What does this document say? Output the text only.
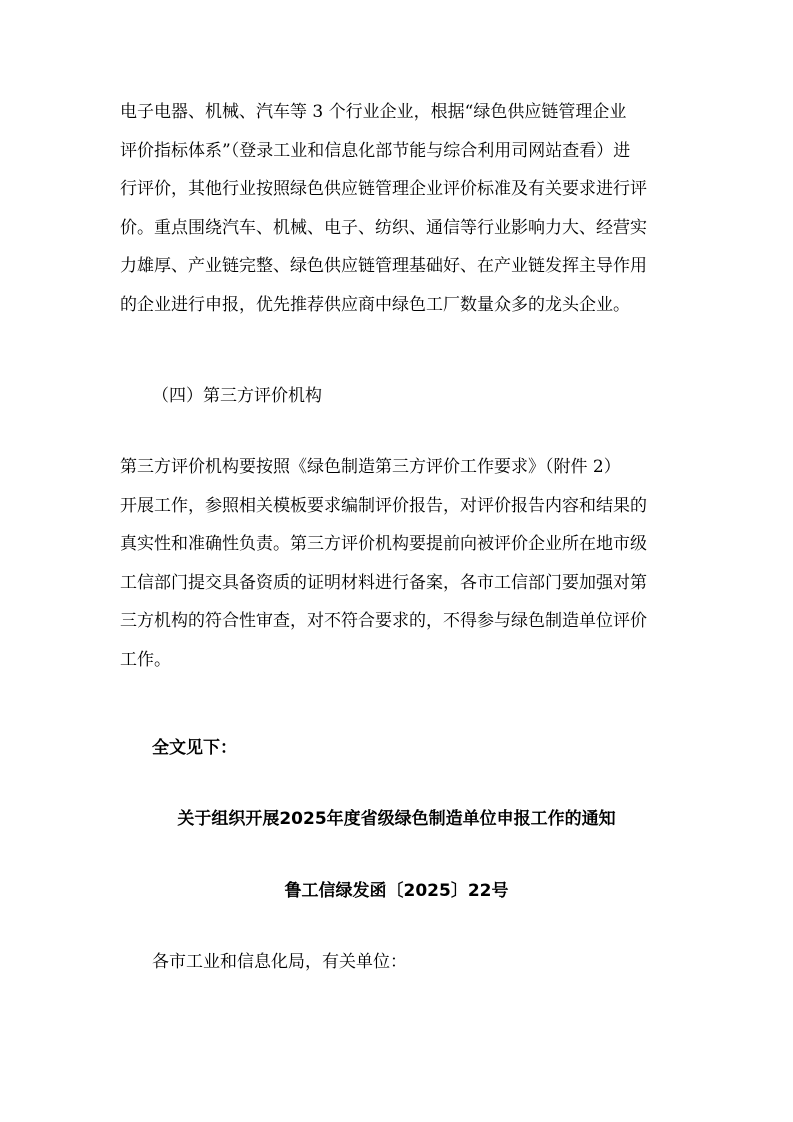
电子电器、机械、汽车等 3 个行业企业，根据“绿色供应链管理企业
评价指标体系”（登录工业和信息化部节能与综合利用司网站查看）进
行评价，其他行业按照绿色供应链管理企业评价标准及有关要求进行评
价。重点围绕汽车、机械、电子、纺织、通信等行业影响力大、经营实
力雄厚、产业链完整、绿色供应链管理基础好、在产业链发挥主导作用
的企业进行申报，优先推荐供应商中绿色工厂数量众多的龙头企业。
（四）第三方评价机构
第三方评价机构要按照《绿色制造第三方评价工作要求》（附件 2）
开展工作，参照相关模板要求编制评价报告，对评价报告内容和结果的
真实性和准确性负责。第三方评价机构要提前向被评价企业所在地市级
工信部门提交具备资质的证明材料进行备案，各市工信部门要加强对第
三方机构的符合性审查，对不符合要求的，不得参与绿色制造单位评价
工作。
全文见下：
关于组织开展2025年度省级绿色制造单位申报工作的通知
鲁工信绿发函〔2025〕22号
各市工业和信息化局，有关单位：
